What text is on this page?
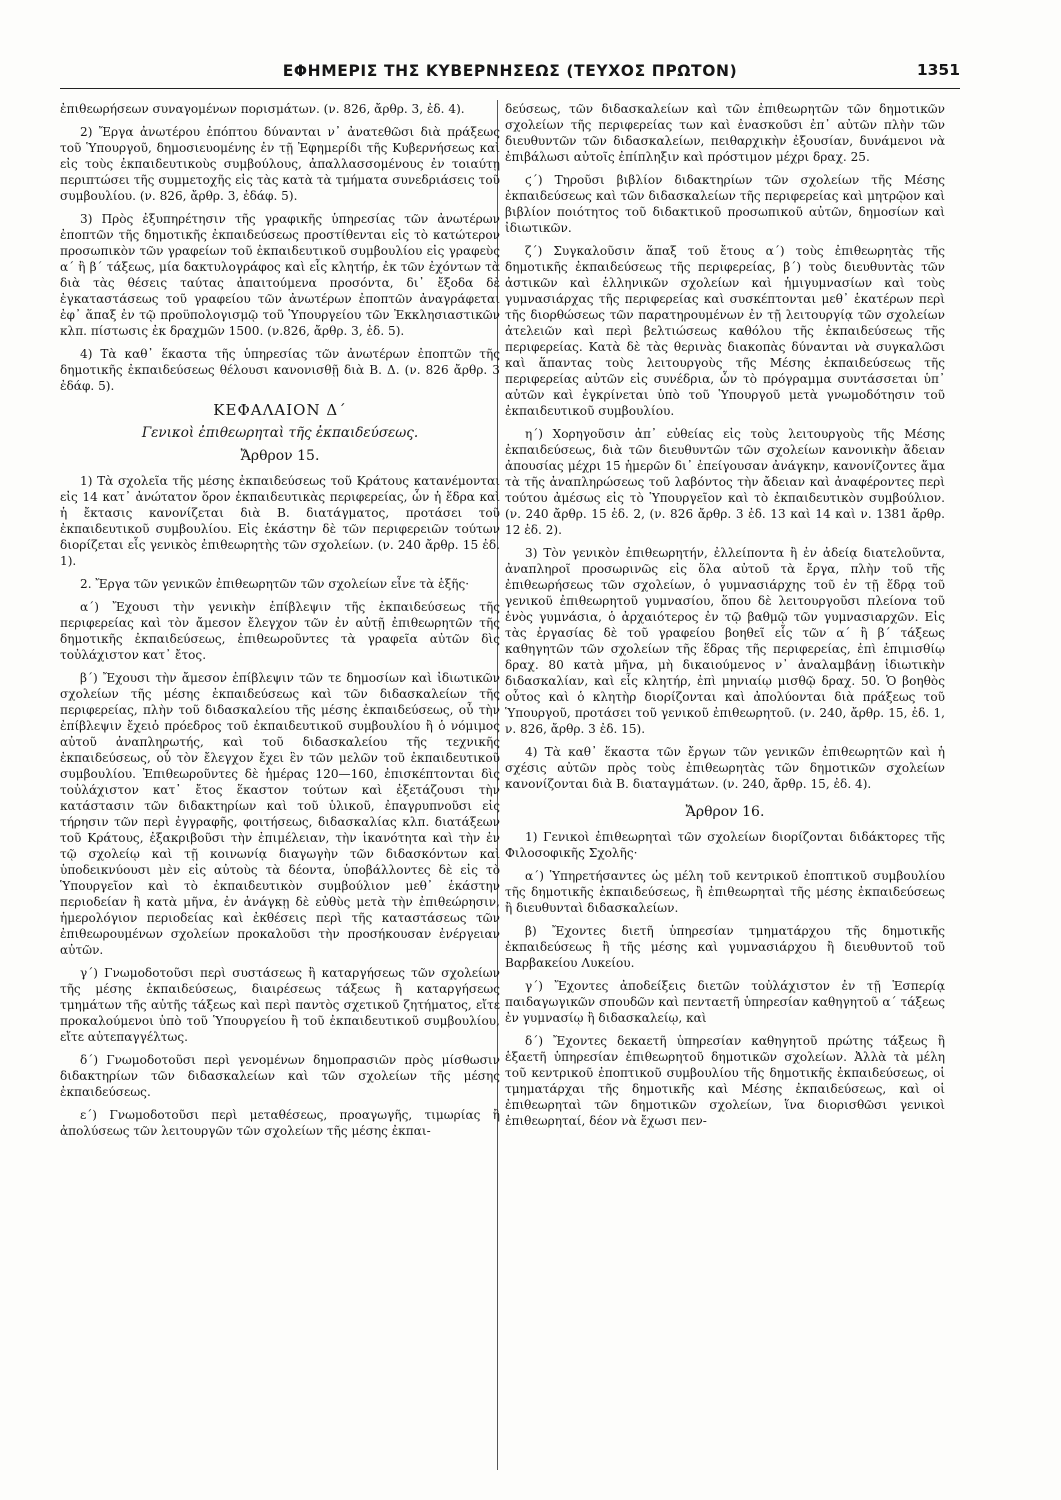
ΕΦΗΜΕΡΙΣ ΤΗΣ ΚΥΒΕΡΝΗΣΕΩΣ (ΤΕΥΧΟΣ ΠΡΩΤΟΝ)	1351

ἐπιθεωρήσεων συναγομένων πορισμάτων. (ν. 826, ἄρθρ. 3, ἐδ. 4).

2) Ἔργα ἀνωτέρου ἐπόπτου δύνανται ν᾿ ἀνατεθῶσι διὰ πράξεως τοῦ Ὑπουργοῦ, δημοσιευομένης ἐν τῇ Ἐφημερίδι τῆς Κυβερνήσεως καὶ εἰς τοὺς ἐκπαιδευτικοὺς συμβούλους, ἀπαλλασσομένους ἐν τοιαύτῃ περιπτώσει τῆς συμμετοχῆς εἰς τὰς κατὰ τὰ τμήματα συνεδριάσεις τοῦ συμβουλίου. (ν. 826, ἄρθρ. 3, ἐδάφ. 5).

3) Πρὸς ἐξυπηρέτησιν τῆς γραφικῆς ὑπηρεσίας τῶν ἀνωτέρων ἐποπτῶν τῆς δημοτικῆς ἐκπαιδεύσεως προστίθενται εἰς τὸ κατώτερον προσωπικὸν τῶν γραφείων τοῦ ἐκπαιδευτικοῦ συμβουλίου εἰς γραφεὺς α´ ἢ β´ τάξεως, μία δακτυλογράφος καὶ εἷς κλητήρ, ἐκ τῶν ἐχόντων τὰ διὰ τὰς θέσεις ταύτας ἀπαιτούμενα προσόντα, δι᾿ ἔξοδα δὲ ἐγκαταστάσεως τοῦ γραφείου τῶν ἀνωτέρων ἐποπτῶν ἀναγράφεται ἐφ᾿ ἅπαξ ἐν τῷ προϋπολογισμῷ τοῦ Ὑπουργείου τῶν Ἐκκλησιαστικῶν κλπ. πίστωσις ἐκ δραχμῶν 1500. (ν.826, ἄρθρ. 3, ἐδ. 5).

4) Τὰ καθ᾿ ἕκαστα τῆς ὑπηρεσίας τῶν ἀνωτέρων ἐποπτῶν τῆς δημοτικῆς ἐκπαιδεύσεως θέλουσι κανονισθῇ διὰ Β. Δ. (ν. 826 ἄρθρ. 3 ἐδάφ. 5).

ΚΕΦΑΛΑΙΟΝ Δ´
Γενικοὶ ἐπιθεωρηταὶ τῆς ἐκπαιδεύσεως.
Ἄρθρον 15.

1) Τὰ σχολεῖα τῆς μέσης ἐκπαιδεύσεως τοῦ Κράτους κατανέμονται εἰς 14 κατ᾿ ἀνώτατον ὅρον ἐκπαιδευτικὰς περιφερείας, ὧν ἡ ἕδρα καὶ ἡ ἔκτασις κανονίζεται διὰ Β. διατάγματος, προτάσει τοῦ ἐκπαιδευτικοῦ συμβουλίου. Εἰς ἑκάστην δὲ τῶν περιφερειῶν τούτων διορίζεται εἷς γενικὸς ἐπιθεωρητὴς τῶν σχολείων. (ν. 240 ἄρθρ. 15 ἐδ. 1).

2. Ἔργα τῶν γενικῶν ἐπιθεωρητῶν τῶν σχολείων εἶνε τὰ ἑξῆς·

α´) Ἔχουσι τὴν γενικὴν ἐπίβλεψιν τῆς ἐκπαιδεύσεως τῆς περιφερείας καὶ τὸν ἄμεσον ἔλεγχον τῶν ἐν αὐτῇ ἐπιθεωρητῶν τῆς δημοτικῆς ἐκπαιδεύσεως, ἐπιθεωροῦντες τὰ γραφεῖα αὐτῶν δὶς τοὐλάχιστον κατ᾿ ἔτος.

β´) Ἔχουσι τὴν ἄμεσον ἐπίβλεψιν τῶν τε δημοσίων καὶ ἰδιωτικῶν σχολείων τῆς μέσης ἐκπαιδεύσεως καὶ τῶν διδασκαλείων τῆς περιφερείας, πλὴν τοῦ διδασκαλείου τῆς μέσης ἐκπαιδεύσεως, οὗ τὴν ἐπίβλεψιν ἔχειὁ πρόεδρος τοῦ ἐκπαιδευτικοῦ συμβουλίου ἢ ὁ νόμιμος αὐτοῦ ἀναπληρωτής, καὶ τοῦ διδασκαλείου τῆς τεχνικῆς ἐκπαιδεύσεως, οὗ τὸν ἔλεγχον ἔχει ἓν τῶν μελῶν τοῦ ἐκπαιδευτικοῦ συμβουλίου. Ἐπιθεωροῦντες δὲ ἡμέρας 120—160, ἐπισκέπτονται δὶς τοὐλάχιστον κατ᾿ ἔτος ἕκαστον τούτων καὶ ἐξετάζουσι τὴν κατάστασιν τῶν διδακτηρίων καὶ τοῦ ὑλικοῦ, ἐπαγρυπνοῦσι εἰς τήρησιν τῶν περὶ ἐγγραφῆς, φοιτήσεως, διδασκαλίας κλπ. διατάξεων τοῦ Κράτους, ἐξακριβοῦσι τὴν ἐπιμέλειαν, τὴν ἱκανότητα καὶ τὴν ἐν τῷ σχολείῳ καὶ τῇ κοινωνίᾳ διαγωγὴν τῶν διδασκόντων καὶ ὑποδεικνύουσι μὲν εἰς αὐτοὺς τὰ δέοντα, ὑποβάλλοντες δὲ εἰς τὸ Ὑπουργεῖον καὶ τὸ ἐκπαιδευτικὸν συμβούλιον μεθ᾿ ἑκάστην περιοδείαν ἢ κατὰ μῆνα, ἐν ἀνάγκῃ δὲ εὐθὺς μετὰ τὴν ἐπιθεώρησιν, ἡμερολόγιον περιοδείας καὶ ἐκθέσεις περὶ τῆς καταστάσεως τῶν ἐπιθεωρουμένων σχολείων προκαλοῦσι τὴν προσήκουσαν ἐνέργειαν αὐτῶν.

γ´) Γνωμοδοτοῦσι περὶ συστάσεως ἢ καταργήσεως τῶν σχολείων τῆς μέσης ἐκπαιδεύσεως, διαιρέσεως τάξεως ἢ καταργήσεως τμημάτων τῆς αὐτῆς τάξεως καὶ περὶ παντὸς σχετικοῦ ζητήματος, εἴτε προκαλούμενοι ὑπὸ τοῦ Ὑπουργείου ἢ τοῦ ἐκπαιδευτικοῦ συμβουλίου, εἴτε αὐτεπαγγέλτως.

δ´) Γνωμοδοτοῦσι περὶ γενομένων δημοπρασιῶν πρὸς μίσθωσιν διδακτηρίων τῶν διδασκαλείων καὶ τῶν σχολείων τῆς μέσης ἐκπαιδεύσεως.

ε´) Γνωμοδοτοῦσι περὶ μεταθέσεως, προαγωγῆς, τιμωρίας ἢ ἀπολύσεως τῶν λειτουργῶν τῶν σχολείων τῆς μέσης ἐκπαι-

δεύσεως, τῶν διδασκαλείων καὶ τῶν ἐπιθεωρητῶν τῶν δημοτικῶν σχολείων τῆς περιφερείας των καὶ ἐνασκοῦσι ἐπ᾿ αὐτῶν πλὴν τῶν διευθυντῶν τῶν διδασκαλείων, πειθαρχικὴν ἐξουσίαν, δυνάμενοι νὰ ἐπιβάλωσι αὐτοῖς ἐπίπληξιν καὶ πρόστιμον μέχρι δραχ. 25.

ϛ´) Τηροῦσι βιβλίον διδακτηρίων τῶν σχολείων τῆς Μέσης ἐκπαιδεύσεως καὶ τῶν διδασκαλείων τῆς περιφερείας καὶ μητρῷον καὶ βιβλίον ποιότητος τοῦ διδακτικοῦ προσωπικοῦ αὐτῶν, δημοσίων καὶ ἰδιωτικῶν.

ζ´) Συγκαλοῦσιν ἅπαξ τοῦ ἔτους α´) τοὺς ἐπιθεωρητὰς τῆς δημοτικῆς ἐκπαιδεύσεως τῆς περιφερείας, β´) τοὺς διευθυντὰς τῶν ἀστικῶν καὶ ἑλληνικῶν σχολείων καὶ ἡμιγυμνασίων καὶ τοὺς γυμνασιάρχας τῆς περιφερείας καὶ συσκέπτονται μεθ᾿ ἑκατέρων περὶ τῆς διορθώσεως τῶν παρατηρουμένων ἐν τῇ λειτουργίᾳ τῶν σχολείων ἀτελειῶν καὶ περὶ βελτιώσεως καθόλου τῆς ἐκπαιδεύσεως τῆς περιφερείας. Κατὰ δὲ τὰς θερινὰς διακοπὰς δύνανται νὰ συγκαλῶσι καὶ ἅπαντας τοὺς λειτουργοὺς τῆς Μέσης ἐκπαιδεύσεως τῆς περιφερείας αὐτῶν εἰς συνέδρια, ὧν τὸ πρόγραμμα συντάσσεται ὑπ᾿ αὐτῶν καὶ ἐγκρίνεται ὑπὸ τοῦ Ὑπουργοῦ μετὰ γνωμοδότησιν τοῦ ἐκπαιδευτικοῦ συμβουλίου.

η´) Χορηγοῦσιν ἀπ᾿ εὐθείας εἰς τοὺς λειτουργοὺς τῆς Μέσης ἐκπαιδεύσεως, διὰ τῶν διευθυντῶν τῶν σχολείων κανονικὴν ἄδειαν ἀπουσίας μέχρι 15 ἡμερῶν δι᾿ ἐπείγουσαν ἀνάγκην, κανονίζοντες ἅμα τὰ τῆς ἀναπληρώσεως τοῦ λαβόντος τὴν ἄδειαν καὶ ἀναφέροντες περὶ τούτου ἀμέσως εἰς τὸ Ὑπουργεῖον καὶ τὸ ἐκπαιδευτικὸν συμβούλιον. (ν. 240 ἄρθρ. 15 ἐδ. 2, (ν. 826 ἄρθρ. 3 ἐδ. 13 καὶ 14 καὶ ν. 1381 ἄρθρ. 12 ἐδ. 2).

3) Τὸν γενικὸν ἐπιθεωρητήν, ἐλλείποντα ἢ ἐν ἀδείᾳ διατελοῦντα, ἀναπληροῖ προσωρινῶς εἰς ὅλα αὐτοῦ τὰ ἔργα, πλὴν τοῦ τῆς ἐπιθεωρήσεως τῶν σχολείων, ὁ γυμνασιάρχης τοῦ ἐν τῇ ἕδρᾳ τοῦ γενικοῦ ἐπιθεωρητοῦ γυμνασίου, ὅπου δὲ λειτουργοῦσι πλείονα τοῦ ἑνὸς γυμνάσια, ὁ ἀρχαιότερος ἐν τῷ βαθμῷ τῶν γυμνασιαρχῶν. Εἰς τὰς ἐργασίας δὲ τοῦ γραφείου βοηθεῖ εἷς τῶν α´ ἢ β´ τάξεως καθηγητῶν τῶν σχολείων τῆς ἕδρας τῆς περιφερείας, ἐπὶ ἐπιμισθίῳ δραχ. 80 κατὰ μῆνα, μὴ δικαιούμενος ν᾿ ἀναλαμβάνῃ ἰδιωτικὴν διδασκαλίαν, καὶ εἷς κλητήρ, ἐπὶ μηνιαίῳ μισθῷ δραχ. 50. Ὁ βοηθὸς οὗτος καὶ ὁ κλητὴρ διορίζονται καὶ ἀπολύονται διὰ πράξεως τοῦ Ὑπουργοῦ, προτάσει τοῦ γενικοῦ ἐπιθεωρητοῦ. (ν. 240, ἄρθρ. 15, ἐδ. 1, ν. 826, ἄρθρ. 3 ἐδ. 15).

4) Τὰ καθ᾿ ἕκαστα τῶν ἔργων τῶν γενικῶν ἐπιθεωρητῶν καὶ ἡ σχέσις αὐτῶν πρὸς τοὺς ἐπιθεωρητὰς τῶν δημοτικῶν σχολείων κανονίζονται διὰ Β. διαταγμάτων. (ν. 240, ἄρθρ. 15, ἐδ. 4).

Ἄρθρον 16.

1) Γενικοὶ ἐπιθεωρηταὶ τῶν σχολείων διορίζονται διδάκτορες τῆς Φιλοσοφικῆς Σχολῆς·

α´) Ὑπηρετήσαντες ὡς μέλη τοῦ κεντρικοῦ ἐποπτικοῦ συμβουλίου τῆς δημοτικῆς ἐκπαιδεύσεως, ἢ ἐπιθεωρηταὶ τῆς μέσης ἐκπαιδεύσεως ἢ διευθυνταὶ διδασκαλείων.

β) Ἔχοντες διετῆ ὑπηρεσίαν τμηματάρχου τῆς δημοτικῆς ἐκπαιδεύσεως ἢ τῆς μέσης καὶ γυμνασιάρχου ἢ διευθυντοῦ τοῦ Βαρβακείου Λυκείου.

γ´) Ἔχοντες ἀποδείξεις διετῶν τοὐλάχιστον ἐν τῇ Ἑσπερίᾳ παιδαγωγικῶν σπουδῶν καὶ πενταετῆ ὑπηρεσίαν καθηγητοῦ α´ τάξεως ἐν γυμνασίῳ ἢ διδασκαλείῳ, καὶ

δ´) Ἔχοντες δεκαετῆ ὑπηρεσίαν καθηγητοῦ πρώτης τάξεως ἢ ἑξαετῆ ὑπηρεσίαν ἐπιθεωρητοῦ δημοτικῶν σχολείων. Ἀλλὰ τὰ μέλη τοῦ κεντρικοῦ ἐποπτικοῦ συμβουλίου τῆς δημοτικῆς ἐκπαιδεύσεως, οἱ τμηματάρχαι τῆς δημοτικῆς καὶ Μέσης ἐκπαιδεύσεως, καὶ οἱ ἐπιθεωρηταὶ τῶν δημοτικῶν σχολείων, ἵνα διορισθῶσι γενικοὶ ἐπιθεωρηταί, δέον νὰ ἔχωσι πεν-
